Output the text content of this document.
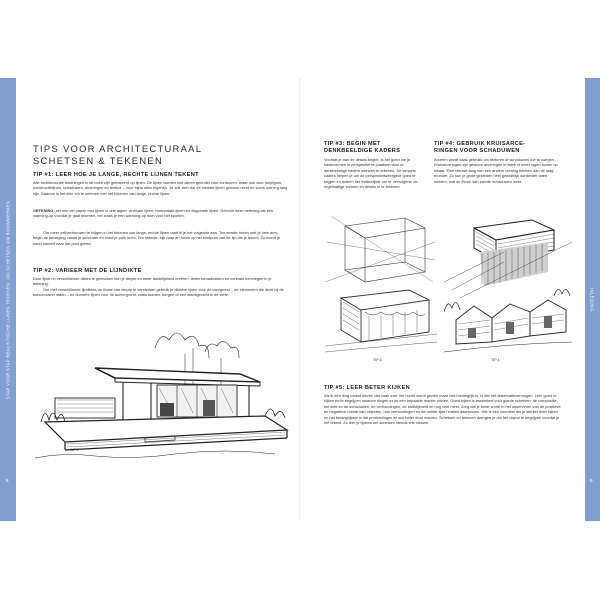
STAP VOOR STAP REALISTISCHE LIJNEN TEKENEN: 100 SCHETSEN OM BOUWWERKEN	INLEIDING
8	9
TIPS VOOR ARCHITECTURAAL
SCHETSEN & TEKENEN
TIP #1: LEER HOE JE LANGE, RECHTE LIJNEN TEKENT

Alle architecturale tekeningen in dit boek zijn gebaseerd op lijnen. De lijnen worden niet alleen gebruikt voor contouren, maar ook voor hulplijnen, constructielijnen, schaduwen, arceringen en textuur – voor bijna alles eigenlijk. Je zult zien dat de meeste lijnen gewoon recht en soms ook erg lang zijn. Daarom is het slim om te oefenen met het tekenen van lange, rechte lijnen.

OEFENING: zet een vel papier met lijnen in drie lagen: verticale lijnen, horizontale lijnen en diagonale lijnen. Gebruik deze oefening als een warming-up voordat je gaat tekenen, net zoals je een warming-up doet voor het sporten.

Om meer zelfvertrouwen te krijgen in het tekenen van lange, rechte lijnen raad ik je het volgende aan. Ten eerste: teken met je hele arm; begin de beweging vanuit je schouder en houd je pols recht. Ten tweede: kijk naar en focus op het eindpunt van de lijn die je tekent. Zo wordt je hand vanzelf naar dat punt geleid.

TIP #2: VARIEER MET DE LIJNDIKTE

Door lijnen in verschillende diktes te gebruiken kun je diepte en meer duidelijkheid creëren, delen benadrukken en contrast toevoegen in je tekening.

Om met verschillende lijndiktes de illusie van diepte te versterken gebruik je dikkere lijnen voor de voorgrond – de elementen die dicht bij de toeschouwer staan – en dunnere lijnen voor de achtergrond, zoals bomen, bergen of een stadsgezicht in de verte.

TIP 2
TIP #3: BEGIN MET
DENKBEELDIGE KADERS

Voordat je aan de details begint, is het goed om je basisvormen in perspectief te plaatsen door er denkbeeldige kaders omheen te tekenen. De simpele kaders helpen je om de perspectiefweergave goed te krijgen en maken het makkelijker om er vervolgens on-regelmatige vormen en details in te tekenen.

TIP #4: GEBRUIK KRUISARCE-
RINGEN VOOR SCHADUWEN

Arceren wordt vaak gebruikt om texturen of schaduwen toe te voegen. Kruisarceringen zijn gewoon arceringen in twee of meer lagen boven op elkaar. Elke nieuwe laag met een andere richting hebben dan de laag eronder. Zo kun je grote gebieden heel geleidelijk donkerder laten worden, wat de illusie van zachte schaduwen wekt.

TIP 3	TIP 4
TIP #5: LEER BETER KIJKEN

Als ik één ding moest kiezen dat vaak over het hoofd wordt gezien maar heel belangrijk is, is dat het observatievermogen. Leer goed te kijken en te begrijpen waarom dingen er zo een bepaalde manier uitzien. Goed kijken is essentieel voor goede schetsen: de compositie, het licht en de schaduwen, de verhoudingen, de stofstijkheid en nog veel meer. Zorg dat je beter wordt in het observeren van de positieve en negatieve ruimte van objecten, hun verhoudingen en de ruimte-lijke relaties daartussen. Het is een voordeel als je sterker leert kijken en het belangrijkste is dat je tekeningen er ook beter door worden. Schetsen en tekenen dwingen je om het object te begrijpen voordat je het tekent. Zo leer je tijdens het schetsen steeds iets nieuws.
